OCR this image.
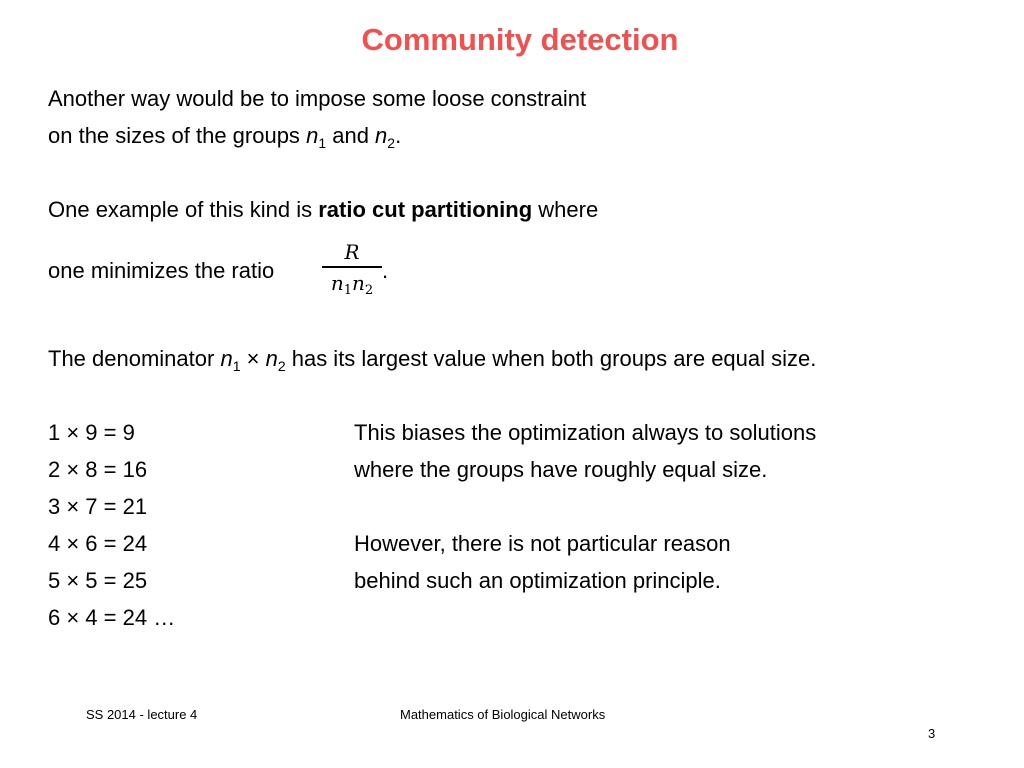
Community detection
Another way would be to impose some loose constraint
on the sizes of the groups $n_1$ and $n_2$.
One example of this kind is ratio cut partitioning where
one minimizes the ratio
R
$n_1n_2$
.
The denominator $n_1 \times n_2$ has its largest value when both groups are equal size.
1 × 9 = 9
2 × 8 = 16
3 × 7 = 21
4 × 6 = 24
5 × 5 = 25
6 × 4 = 24 …
This biases the optimization always to solutions
where the groups have roughly equal size.
However, there is not particular reason
behind such an optimization principle.
SS 2014 - lecture 4	Mathematics of Biological Networks
3
